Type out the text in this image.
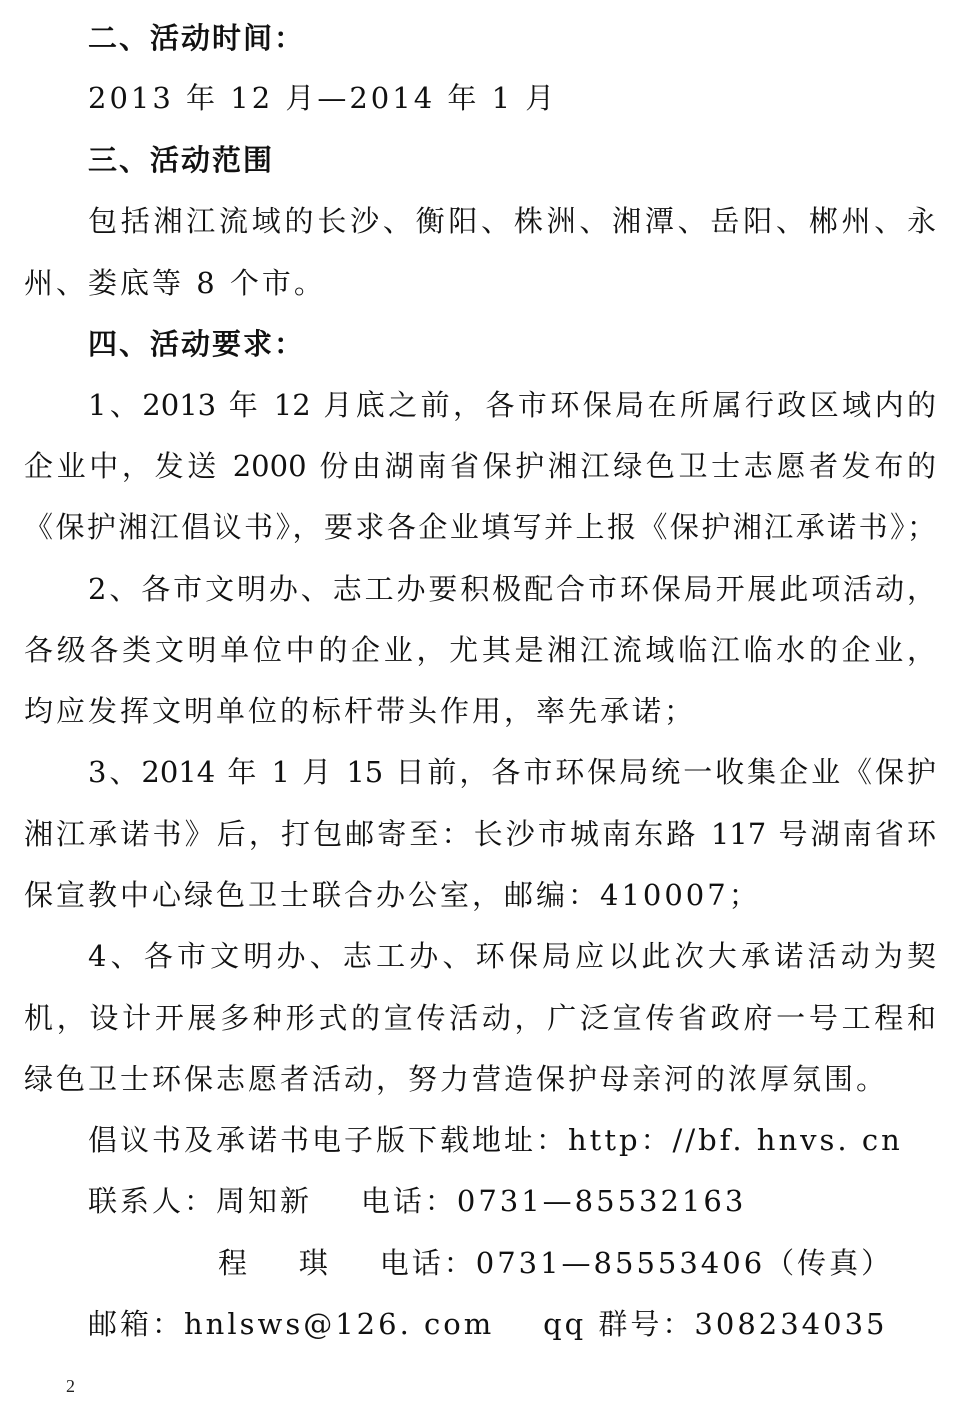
二、活动时间：
2013 年 12 月—2014 年 1 月
三、活动范围
包括湘江流域的长沙、衡阳、株洲、湘潭、岳阳、郴州、永
州、娄底等 8 个市。
四、活动要求：
1、2013 年 12 月底之前，各市环保局在所属行政区域内的
企业中，发送 2000 份由湖南省保护湘江绿色卫士志愿者发布的
《保护湘江倡议书》，要求各企业填写并上报《保护湘江承诺书》；
2、各市文明办、志工办要积极配合市环保局开展此项活动，
各级各类文明单位中的企业，尤其是湘江流域临江临水的企业，
均应发挥文明单位的标杆带头作用，率先承诺；
3、2014 年 1 月 15 日前，各市环保局统一收集企业《保护
湘江承诺书》后，打包邮寄至：长沙市城南东路 117 号湖南省环
保宣教中心绿色卫士联合办公室，邮编：410007；
4、各市文明办、志工办、环保局应以此次大承诺活动为契
机，设计开展多种形式的宣传活动，广泛宣传省政府一号工程和
绿色卫士环保志愿者活动，努力营造保护母亲河的浓厚氛围。
倡议书及承诺书电子版下载地址：http：//bf. hnvs. cn
联系人：周知新    电话：0731—85532163
程    琪    电话：0731—85553406（传真）
邮箱：hnlsws@126. com    qq 群号：308234035
2
